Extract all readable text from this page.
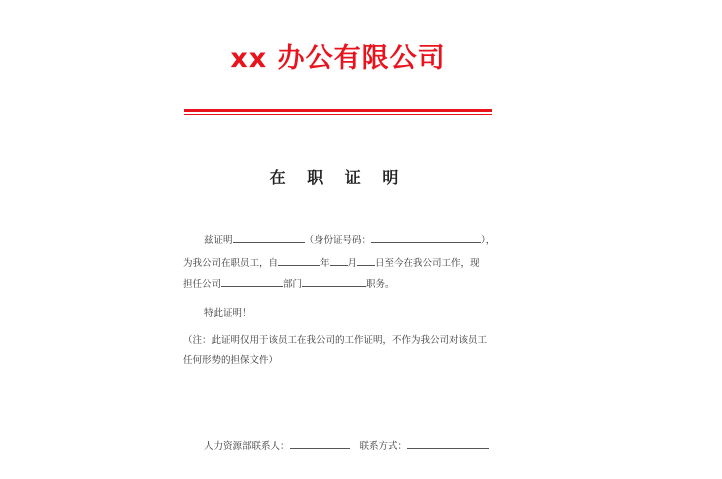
xx 办公有限公司
在 职 证 明
兹证明	（身份证号码：	），
为我公司在职员工，自	年 月 日至今在我公司工作，现
担任公司	部门	职务。
特此证明！
（注：此证明仅用于该员工在我公司的工作证明，不作为我公司对该员工
任何形势的担保文件）
人力资源部联系人：	联系方式：
